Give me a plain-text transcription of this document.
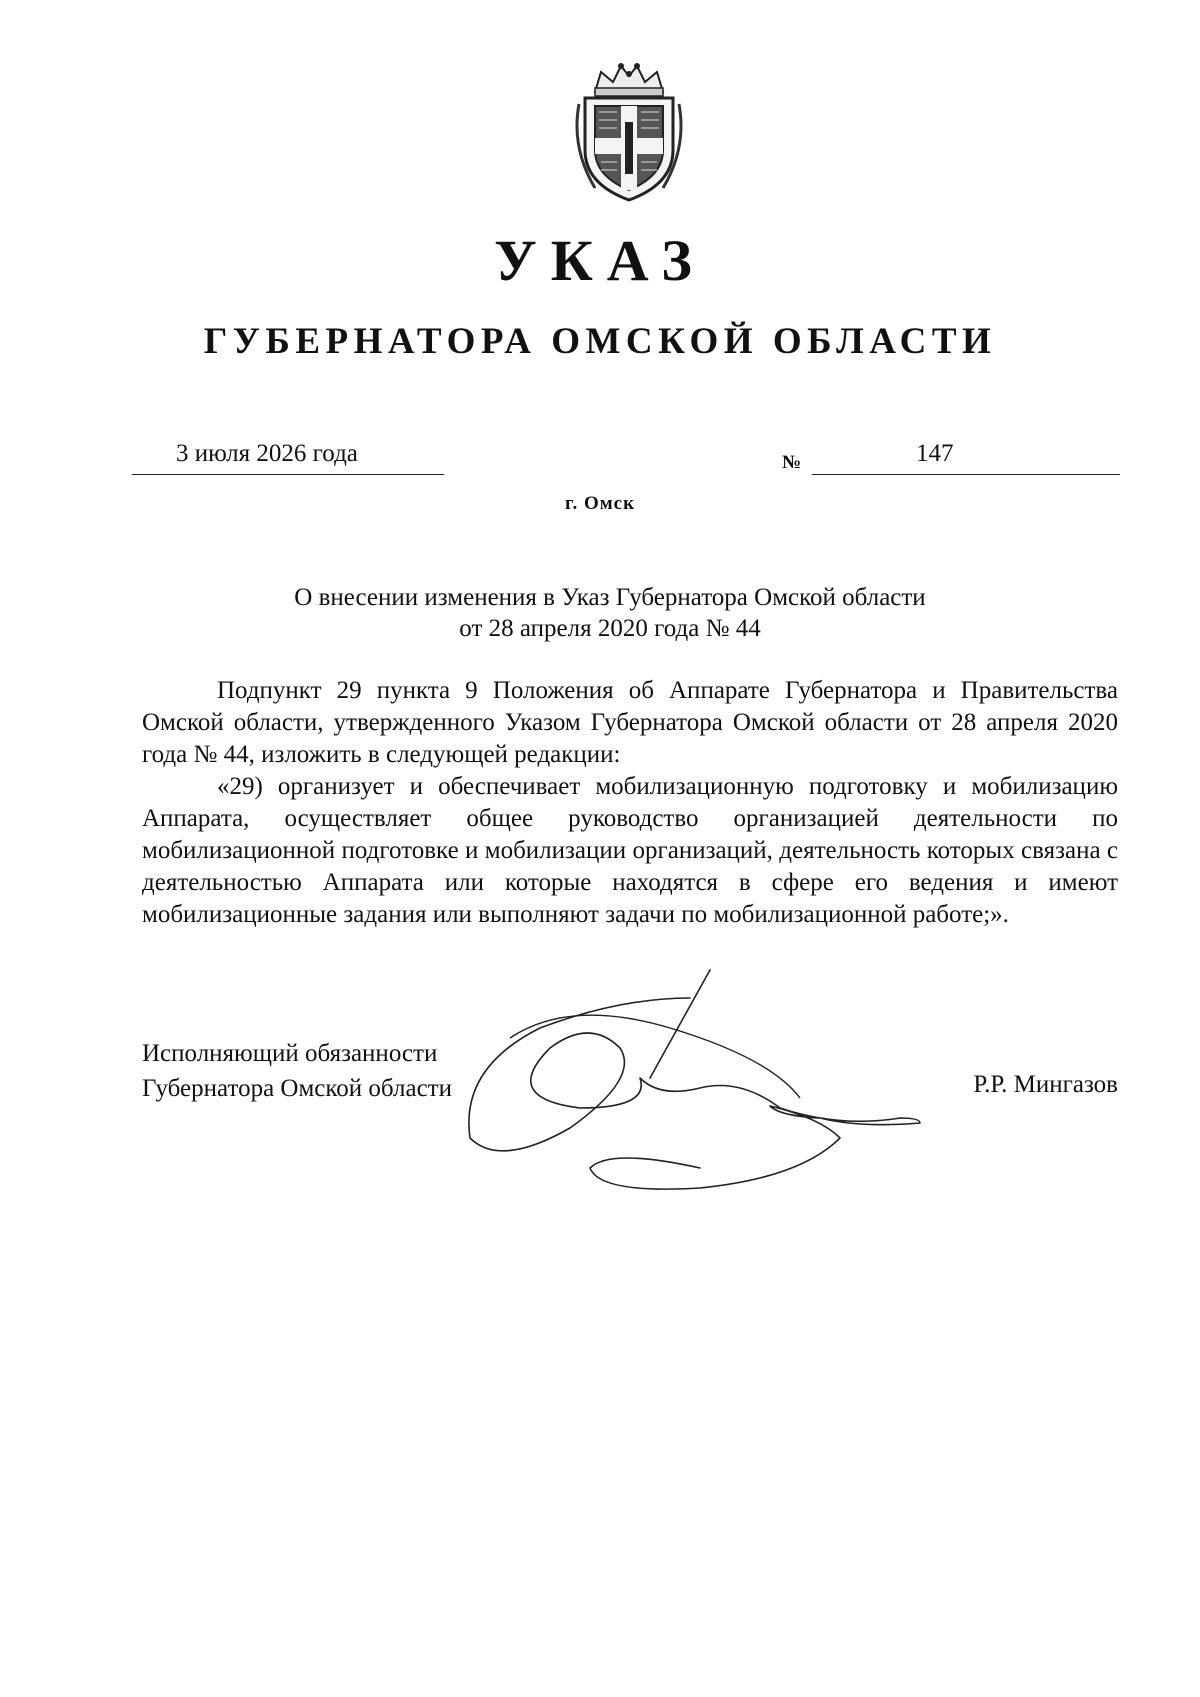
УКАЗ
ГУБЕРНАТОРА ОМСКОЙ ОБЛАСТИ
3 июля 2026 года	№	147
г. Омск
О внесении изменения в Указ Губернатора Омской области
от 28 апреля 2020 года № 44

Подпункт 29 пункта 9 Положения об Аппарате Губернатора и Правительства Омской области, утвержденного Указом Губернатора Омской области от 28 апреля 2020 года № 44, изложить в следующей редакции:

«29) организует и обеспечивает мобилизационную подготовку и мобилизацию Аппарата, осуществляет общее руководство организацией деятельности по мобилизационной подготовке и мобилизации организаций, деятельность которых связана с деятельностью Аппарата или которые находятся в сфере его ведения и имеют мобилизационные задания или выполняют задачи по мобилизационной работе;».

Исполняющий обязанности
Губернатора Омской области	Р.Р. Мингазов
